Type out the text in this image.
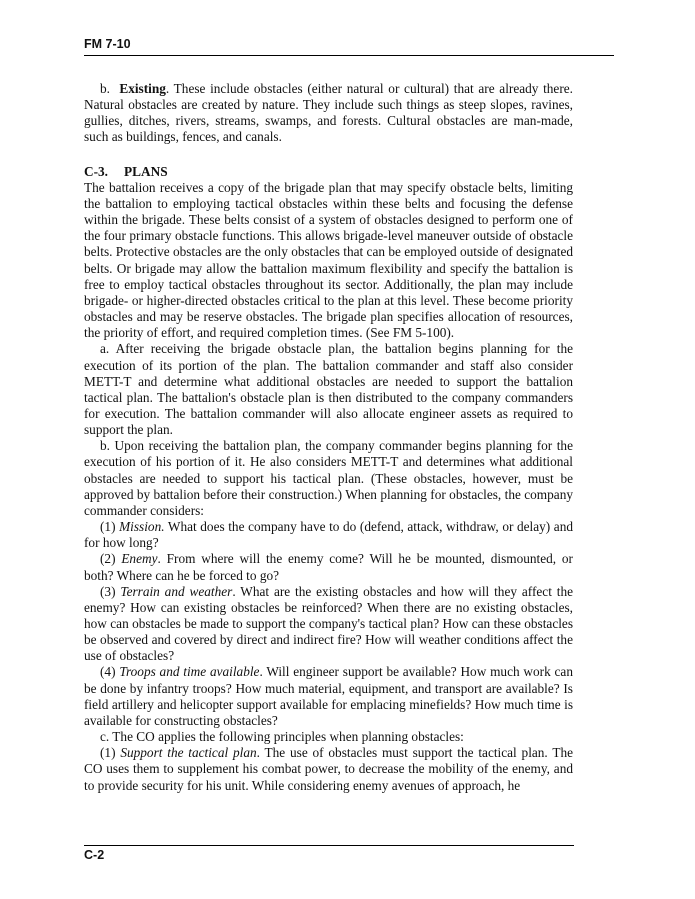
FM 7-10

b. Existing. These include obstacles (either natural or cultural) that are already there. Natural obstacles are created by nature. They include such things as steep slopes, ravines, gullies, ditches, rivers, streams, swamps, and forests. Cultural obstacles are man-made, such as buildings, fences, and canals.

C-3. PLANS

The battalion receives a copy of the brigade plan that may specify obstacle belts, limiting the battalion to employing tactical obstacles within these belts and focusing the defense within the brigade. These belts consist of a system of obstacles designed to perform one of the four primary obstacle functions. This allows brigade-level maneuver outside of obstacle belts. Protective obstacles are the only obstacles that can be employed outside of designated belts. Or brigade may allow the battalion maximum flexibility and specify the battalion is free to employ tactical obstacles throughout its sector. Additionally, the plan may include brigade- or higher-directed obstacles critical to the plan at this level. These become priority obstacles and may be reserve obstacles. The brigade plan specifies allocation of resources, the priority of effort, and required completion times. (See FM 5-100).

a. After receiving the brigade obstacle plan, the battalion begins planning for the execution of its portion of the plan. The battalion commander and staff also consider METT-T and determine what additional obstacles are needed to support the battalion tactical plan. The battalion's obstacle plan is then distributed to the company commanders for execution. The battalion commander will also allocate engineer assets as required to support the plan.

b. Upon receiving the battalion plan, the company commander begins planning for the execution of his portion of it. He also considers METT-T and determines what additional obstacles are needed to support his tactical plan. (These obstacles, however, must be approved by battalion before their construction.) When planning for obstacles, the company commander considers:

(1) Mission. What does the company have to do (defend, attack, withdraw, or delay) and for how long?

(2) Enemy. From where will the enemy come? Will he be mounted, dismounted, or both? Where can he be forced to go?

(3) Terrain and weather. What are the existing obstacles and how will they affect the enemy? How can existing obstacles be reinforced? When there are no existing obstacles, how can obstacles be made to support the company's tactical plan? How can these obstacles be observed and covered by direct and indirect fire? How will weather conditions affect the use of obstacles?

(4) Troops and time available. Will engineer support be available? How much work can be done by infantry troops? How much material, equipment, and transport are available? Is field artillery and helicopter support available for emplacing minefields? How much time is available for constructing obstacles?

c. The CO applies the following principles when planning obstacles:

(1) Support the tactical plan. The use of obstacles must support the tactical plan. The CO uses them to supplement his combat power, to decrease the mobility of the enemy, and to provide security for his unit. While considering enemy avenues of approach, he

C-2
